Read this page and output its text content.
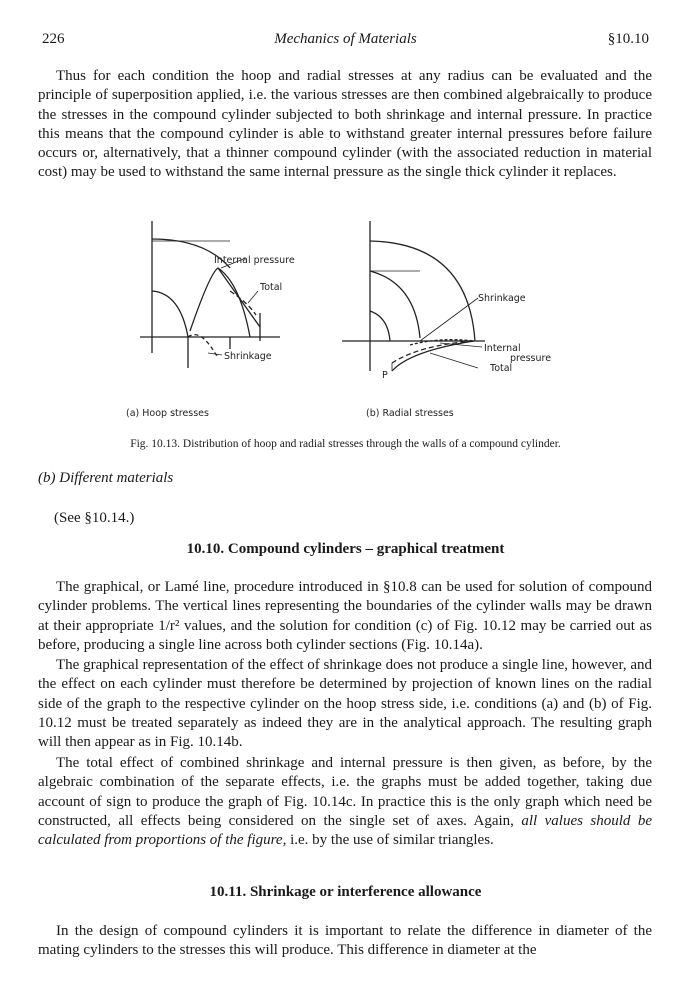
226	Mechanics of Materials	§10.10

Thus for each condition the hoop and radial stresses at any radius can be evaluated and the principle of superposition applied, i.e. the various stresses are then combined algebraically to produce the stresses in the compound cylinder subjected to both shrinkage and internal pressure. In practice this means that the compound cylinder is able to withstand greater internal pressures before failure occurs or, alternatively, that a thinner compound cylinder (with the associated reduction in material cost) may be used to withstand the same internal pressure as the single thick cylinder it replaces.

Internal pressure
Total
Shrinkage
(a) Hoop stresses
Shrinkage
Internal
pressure
Total
P
(b) Radial stresses
Fig. 10.13. Distribution of hoop and radial stresses through the walls of a compound cylinder.
(b) Different materials
(See §10.14.)
10.10. Compound cylinders – graphical treatment

The graphical, or Lamé line, procedure introduced in §10.8 can be used for solution of compound cylinder problems. The vertical lines representing the boundaries of the cylinder walls may be drawn at their appropriate 1/r² values, and the solution for condition (c) of Fig. 10.12 may be carried out as before, producing a single line across both cylinder sections (Fig. 10.14a).

The graphical representation of the effect of shrinkage does not produce a single line, however, and the effect on each cylinder must therefore be determined by projection of known lines on the radial side of the graph to the respective cylinder on the hoop stress side, i.e. conditions (a) and (b) of Fig. 10.12 must be treated separately as indeed they are in the analytical approach. The resulting graph will then appear as in Fig. 10.14b.

The total effect of combined shrinkage and internal pressure is then given, as before, by the algebraic combination of the separate effects, i.e. the graphs must be added together, taking due account of sign to produce the graph of Fig. 10.14c. In practice this is the only graph which need be constructed, all effects being considered on the single set of axes. Again, all values should be calculated from proportions of the figure, i.e. by the use of similar triangles.

10.11. Shrinkage or interference allowance

In the design of compound cylinders it is important to relate the difference in diameter of the mating cylinders to the stresses this will produce. This difference in diameter at the
